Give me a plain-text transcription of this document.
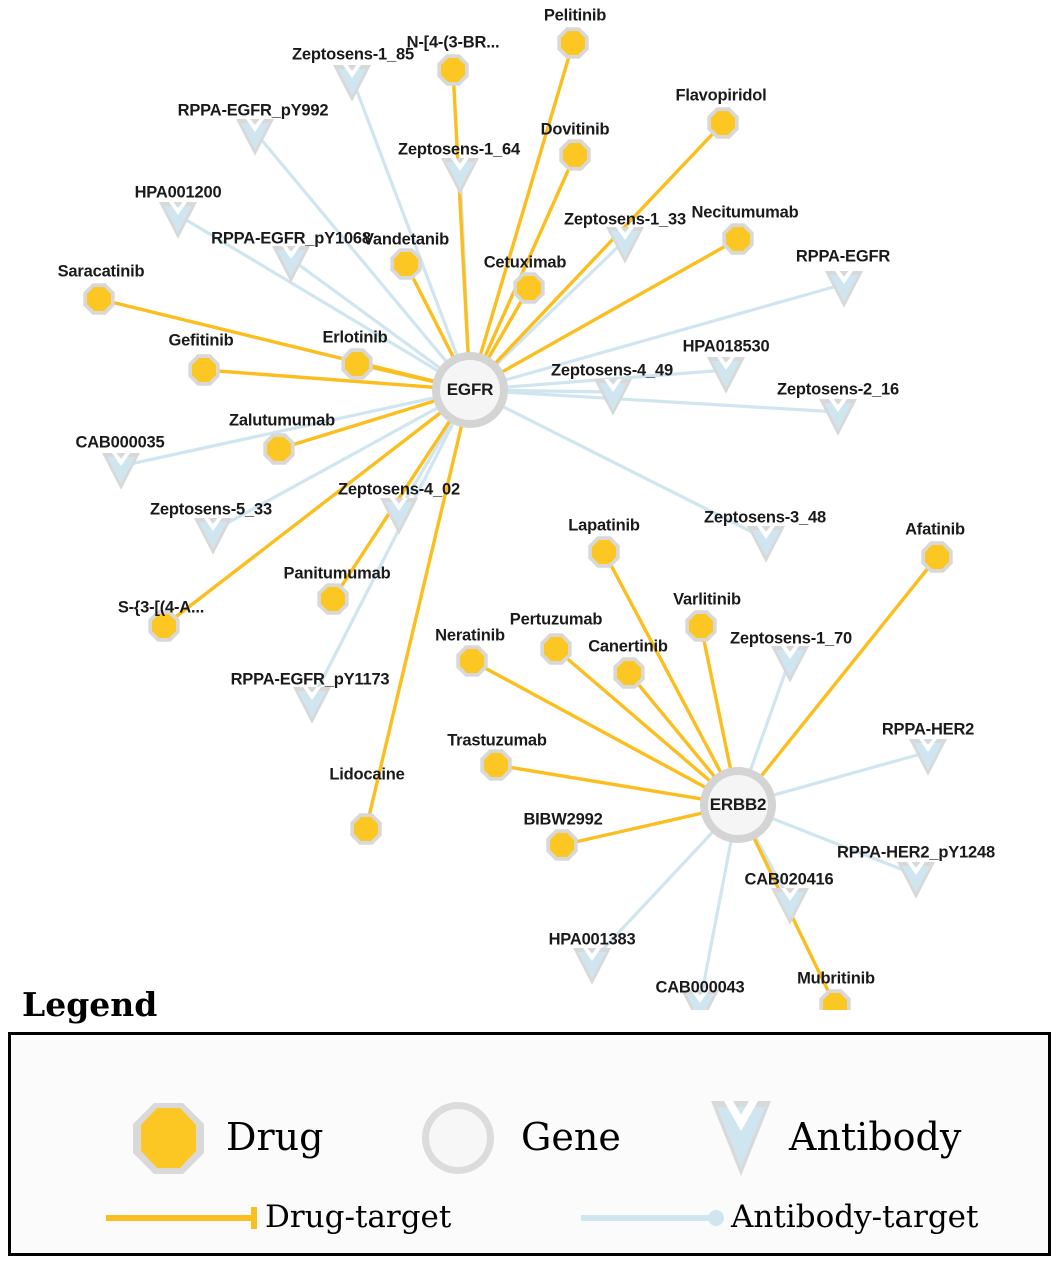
Zeptosens-1_85
RPPA-EGFR_pY992
Zeptosens-1_64
HPA001200
Zeptosens-1_33
RPPA-EGFR_pY1068
RPPA-EGFR
HPA018530
Zeptosens-4_49
Zeptosens-2_16
CAB000035
Zeptosens-4_02
Zeptosens-5_33	Zeptosens-3_48
RPPA-EGFR_pY1173
Zeptosens-1_70
RPPA-HER2
RPPA-HER2_pY1248
CAB020416
HPA001383
CAB000043
Pelitinib
N-[4-(3-BR...
Flavopiridol
Dovitinib
Necitumumab
Vandetanib
Cetuximab
Saracatinib
Gefitinib	Erlotinib
Zalutumumab
Panitumumab
S-{3-[(4-A...
Lidocaine
Lapatinib	Afatinib
Varlitinib
Pertuzumab
Canertinib
Neratinib
Trastuzumab
BIBW2992
Mubritinib
EGFR
ERBB2
Legend
Drug	Gene	Antibody
Drug-target	Antibody-target
